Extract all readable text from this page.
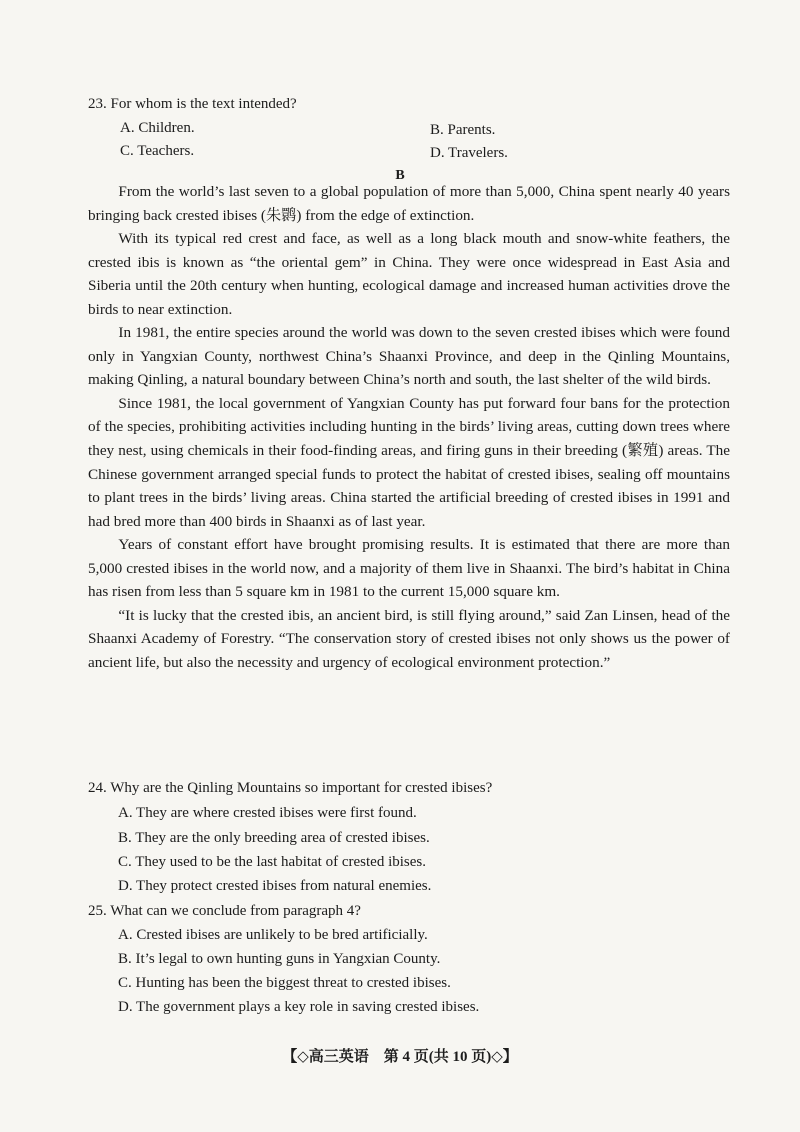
23. For whom is the text intended?
A. Children.	B. Parents.
C. Teachers.	D. Travelers.
B

From the world’s last seven to a global population of more than 5,000, China spent nearly 40 years bringing back crested ibises (朱鹮) from the edge of extinction.

With its typical red crest and face, as well as a long black mouth and snow-white feathers, the crested ibis is known as “the oriental gem” in China. They were once widespread in East Asia and Siberia until the 20th century when hunting, ecological damage and increased human activities drove the birds to near extinction.

In 1981, the entire species around the world was down to the seven crested ibises which were found only in Yangxian County, northwest China’s Shaanxi Province, and deep in the Qinling Mountains, making Qinling, a natural boundary between China’s north and south, the last shelter of the wild birds.

Since 1981, the local government of Yangxian County has put forward four bans for the protection of the species, prohibiting activities including hunting in the birds’ living areas, cutting down trees where they nest, using chemicals in their food-finding areas, and firing guns in their breeding (繁殖) areas. The Chinese government arranged special funds to protect the habitat of crested ibises, sealing off mountains to plant trees in the birds’ living areas. China started the artificial breeding of crested ibises in 1991 and had bred more than 400 birds in Shaanxi as of last year.

Years of constant effort have brought promising results. It is estimated that there are more than 5,000 crested ibises in the world now, and a majority of them live in Shaanxi. The bird’s habitat in China has risen from less than 5 square km in 1981 to the current 15,000 square km.

“It is lucky that the crested ibis, an ancient bird, is still flying around,” said Zan Linsen, head of the Shaanxi Academy of Forestry. “The conservation story of crested ibises not only shows us the power of ancient life, but also the necessity and urgency of ecological environment protection.”

24. Why are the Qinling Mountains so important for crested ibises?
A. They are where crested ibises were first found.
B. They are the only breeding area of crested ibises.
C. They used to be the last habitat of crested ibises.
D. They protect crested ibises from natural enemies.
25. What can we conclude from paragraph 4?
A. Crested ibises are unlikely to be bred artificially.
B. It’s legal to own hunting guns in Yangxian County.
C. Hunting has been the biggest threat to crested ibises.
D. The government plays a key role in saving crested ibises.
【◇高三英语　第 4 页(共 10 页)◇】
